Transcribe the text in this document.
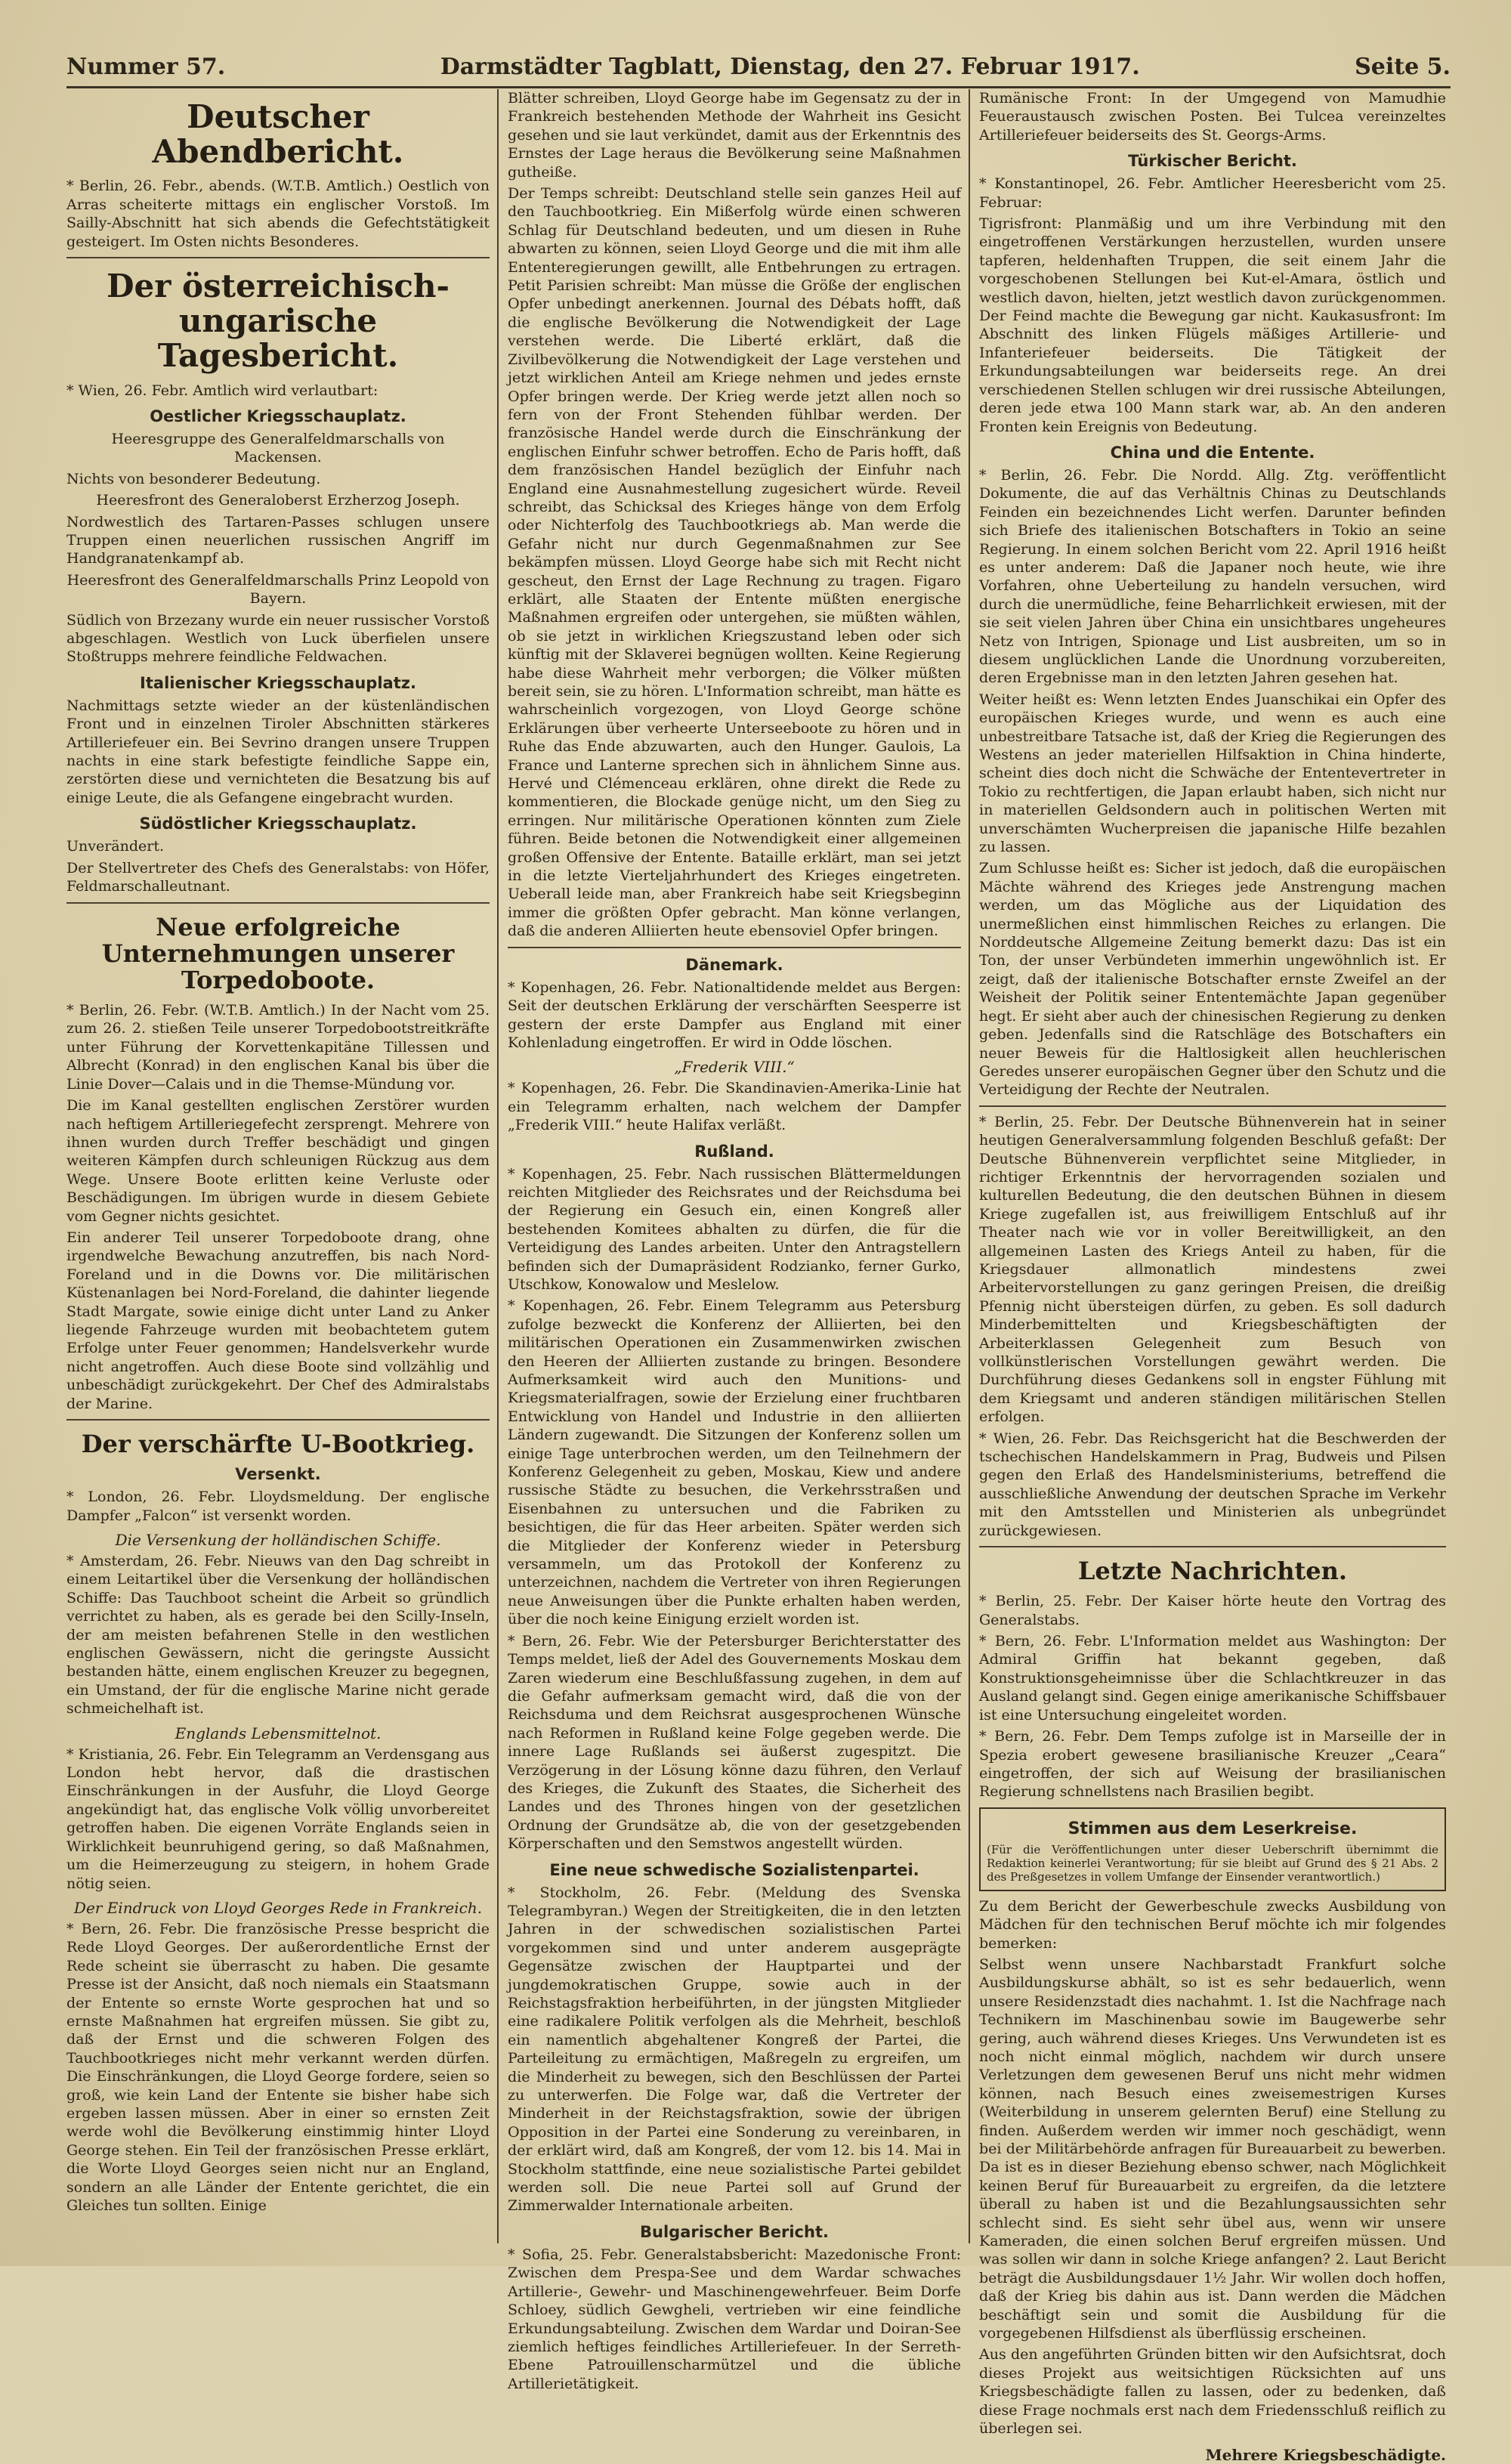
Nummer 57.	Darmstädter Tagblatt, Dienstag, den 27. Februar 1917.	Seite 5.
Deutscher Abendbericht.

* Berlin, 26. Febr., abends. (W.T.B. Amtlich.) Oestlich von Arras scheiterte mittags ein englischer Vorstoß. Im Sailly-Abschnitt hat sich abends die Gefechtstätigkeit gesteigert. Im Osten nichts Besonderes.

Der österreichisch-ungarische Tagesbericht.

* Wien, 26. Febr. Amtlich wird verlautbart:

Oestlicher Kriegsschauplatz.

Heeresgruppe des Generalfeldmarschalls von Mackensen.

Nichts von besonderer Bedeutung.

Heeresfront des Generaloberst Erzherzog Joseph.

Nordwestlich des Tartaren-Passes schlugen unsere Truppen einen neuerlichen russischen Angriff im Handgranatenkampf ab.

Heeresfront des Generalfeldmarschalls Prinz Leopold von Bayern.

Südlich von Brzezany wurde ein neuer russischer Vorstoß abgeschlagen. Westlich von Luck überfielen unsere Stoßtrupps mehrere feindliche Feldwachen.

Italienischer Kriegsschauplatz.

Nachmittags setzte wieder an der küstenländischen Front und in einzelnen Tiroler Abschnitten stärkeres Artilleriefeuer ein. Bei Sevrino drangen unsere Truppen nachts in eine stark befestigte feindliche Sappe ein, zerstörten diese und vernichteten die Besatzung bis auf einige Leute, die als Gefangene eingebracht wurden.

Südöstlicher Kriegsschauplatz.

Unverändert.

Der Stellvertreter des Chefs des Generalstabs: von Höfer, Feldmarschalleutnant.

Neue erfolgreiche Unternehmungen unserer Torpedoboote.

* Berlin, 26. Febr. (W.T.B. Amtlich.) In der Nacht vom 25. zum 26. 2. stießen Teile unserer Torpedobootstreitkräfte unter Führung der Korvettenkapitäne Tillessen und Albrecht (Konrad) in den englischen Kanal bis über die Linie Dover—Calais und in die Themse-Mündung vor.

Die im Kanal gestellten englischen Zerstörer wurden nach heftigem Artilleriegefecht zersprengt. Mehrere von ihnen wurden durch Treffer beschädigt und gingen weiteren Kämpfen durch schleunigen Rückzug aus dem Wege. Unsere Boote erlitten keine Verluste oder Beschädigungen. Im übrigen wurde in diesem Gebiete vom Gegner nichts gesichtet.

Ein anderer Teil unserer Torpedoboote drang, ohne irgendwelche Bewachung anzutreffen, bis nach Nord-Foreland und in die Downs vor. Die militärischen Küstenanlagen bei Nord-Foreland, die dahinter liegende Stadt Margate, sowie einige dicht unter Land zu Anker liegende Fahrzeuge wurden mit beobachtetem gutem Erfolge unter Feuer genommen; Handelsverkehr wurde nicht angetroffen. Auch diese Boote sind vollzählig und unbeschädigt zurückgekehrt. Der Chef des Admiralstabs der Marine.

Der verschärfte U-Bootkrieg.
Versenkt.

* London, 26. Febr. Lloydsmeldung. Der englische Dampfer „Falcon“ ist versenkt worden.

Die Versenkung der holländischen Schiffe.

* Amsterdam, 26. Febr. Nieuws van den Dag schreibt in einem Leitartikel über die Versenkung der holländischen Schiffe: Das Tauchboot scheint die Arbeit so gründlich verrichtet zu haben, als es gerade bei den Scilly-Inseln, der am meisten befahrenen Stelle in den westlichen englischen Gewässern, nicht die geringste Aussicht bestanden hätte, einem englischen Kreuzer zu begegnen, ein Umstand, der für die englische Marine nicht gerade schmeichelhaft ist.

Englands Lebensmittelnot.

* Kristiania, 26. Febr. Ein Telegramm an Verdensgang aus London hebt hervor, daß die drastischen Einschränkungen in der Ausfuhr, die Lloyd George angekündigt hat, das englische Volk völlig unvorbereitet getroffen haben. Die eigenen Vorräte Englands seien in Wirklichkeit beunruhigend gering, so daß Maßnahmen, um die Heimerzeugung zu steigern, in hohem Grade nötig seien.

Der Eindruck von Lloyd Georges Rede in Frankreich.

* Bern, 26. Febr. Die französische Presse bespricht die Rede Lloyd Georges. Der außerordentliche Ernst der Rede scheint sie überrascht zu haben. Die gesamte Presse ist der Ansicht, daß noch niemals ein Staatsmann der Entente so ernste Worte gesprochen hat und so ernste Maßnahmen hat ergreifen müssen. Sie gibt zu, daß der Ernst und die schweren Folgen des Tauchbootkrieges nicht mehr verkannt werden dürfen. Die Einschränkungen, die Lloyd George fordere, seien so groß, wie kein Land der Entente sie bisher habe sich ergeben lassen müssen. Aber in einer so ernsten Zeit werde wohl die Bevölkerung einstimmig hinter Lloyd George stehen. Ein Teil der französischen Presse erklärt, die Worte Lloyd Georges seien nicht nur an England, sondern an alle Länder der Entente gerichtet, die ein Gleiches tun sollten. Einige

Blätter schreiben, Lloyd George habe im Gegensatz zu der in Frankreich bestehenden Methode der Wahrheit ins Gesicht gesehen und sie laut verkündet, damit aus der Erkenntnis des Ernstes der Lage heraus die Bevölkerung seine Maßnahmen gutheiße.

Der Temps schreibt: Deutschland stelle sein ganzes Heil auf den Tauchbootkrieg. Ein Mißerfolg würde einen schweren Schlag für Deutschland bedeuten, und um diesen in Ruhe abwarten zu können, seien Lloyd George und die mit ihm alle Ententeregierungen gewillt, alle Entbehrungen zu ertragen. Petit Parisien schreibt: Man müsse die Größe der englischen Opfer unbedingt anerkennen. Journal des Débats hofft, daß die englische Bevölkerung die Notwendigkeit der Lage verstehen werde. Die Liberté erklärt, daß die Zivilbevölkerung die Notwendigkeit der Lage verstehen und jetzt wirklichen Anteil am Kriege nehmen und jedes ernste Opfer bringen werde. Der Krieg werde jetzt allen noch so fern von der Front Stehenden fühlbar werden. Der französische Handel werde durch die Einschränkung der englischen Einfuhr schwer betroffen. Echo de Paris hofft, daß dem französischen Handel bezüglich der Einfuhr nach England eine Ausnahmestellung zugesichert würde. Reveil schreibt, das Schicksal des Krieges hänge von dem Erfolg oder Nichterfolg des Tauchbootkriegs ab. Man werde die Gefahr nicht nur durch Gegenmaßnahmen zur See bekämpfen müssen. Lloyd George habe sich mit Recht nicht gescheut, den Ernst der Lage Rechnung zu tragen. Figaro erklärt, alle Staaten der Entente müßten energische Maßnahmen ergreifen oder untergehen, sie müßten wählen, ob sie jetzt in wirklichen Kriegszustand leben oder sich künftig mit der Sklaverei begnügen wollten. Keine Regierung habe diese Wahrheit mehr verborgen; die Völker müßten bereit sein, sie zu hören. L'Information schreibt, man hätte es wahrscheinlich vorgezogen, von Lloyd George schöne Erklärungen über verheerte Unterseeboote zu hören und in Ruhe das Ende abzuwarten, auch den Hunger. Gaulois, La France und Lanterne sprechen sich in ähnlichem Sinne aus. Hervé und Clémenceau erklären, ohne direkt die Rede zu kommentieren, die Blockade genüge nicht, um den Sieg zu erringen. Nur militärische Operationen könnten zum Ziele führen. Beide betonen die Notwendigkeit einer allgemeinen großen Offensive der Entente. Bataille erklärt, man sei jetzt in die letzte Vierteljahrhundert des Krieges eingetreten. Ueberall leide man, aber Frankreich habe seit Kriegsbeginn immer die größten Opfer gebracht. Man könne verlangen, daß die anderen Alliierten heute ebensoviel Opfer bringen.

Dänemark.

* Kopenhagen, 26. Febr. Nationaltidende meldet aus Bergen: Seit der deutschen Erklärung der verschärften Seesperre ist gestern der erste Dampfer aus England mit einer Kohlenladung eingetroffen. Er wird in Odde löschen.

„Frederik VIII.“

* Kopenhagen, 26. Febr. Die Skandinavien-Amerika-Linie hat ein Telegramm erhalten, nach welchem der Dampfer „Frederik VIII.“ heute Halifax verläßt.

Rußland.

* Kopenhagen, 25. Febr. Nach russischen Blättermeldungen reichten Mitglieder des Reichsrates und der Reichsduma bei der Regierung ein Gesuch ein, einen Kongreß aller bestehenden Komitees abhalten zu dürfen, die für die Verteidigung des Landes arbeiten. Unter den Antragstellern befinden sich der Dumapräsident Rodzianko, ferner Gurko, Utschkow, Konowalow und Meslelow.

* Kopenhagen, 26. Febr. Einem Telegramm aus Petersburg zufolge bezweckt die Konferenz der Alliierten, bei den militärischen Operationen ein Zusammenwirken zwischen den Heeren der Alliierten zustande zu bringen. Besondere Aufmerksamkeit wird auch den Munitions- und Kriegsmaterialfragen, sowie der Erzielung einer fruchtbaren Entwicklung von Handel und Industrie in den alliierten Ländern zugewandt. Die Sitzungen der Konferenz sollen um einige Tage unterbrochen werden, um den Teilnehmern der Konferenz Gelegenheit zu geben, Moskau, Kiew und andere russische Städte zu besuchen, die Verkehrsstraßen und Eisenbahnen zu untersuchen und die Fabriken zu besichtigen, die für das Heer arbeiten. Später werden sich die Mitglieder der Konferenz wieder in Petersburg versammeln, um das Protokoll der Konferenz zu unterzeichnen, nachdem die Vertreter von ihren Regierungen neue Anweisungen über die Punkte erhalten haben werden, über die noch keine Einigung erzielt worden ist.

* Bern, 26. Febr. Wie der Petersburger Berichterstatter des Temps meldet, ließ der Adel des Gouvernements Moskau dem Zaren wiederum eine Beschlußfassung zugehen, in dem auf die Gefahr aufmerksam gemacht wird, daß die von der Reichsduma und dem Reichsrat ausgesprochenen Wünsche nach Reformen in Rußland keine Folge gegeben werde. Die innere Lage Rußlands sei äußerst zugespitzt. Die Verzögerung in der Lösung könne dazu führen, den Verlauf des Krieges, die Zukunft des Staates, die Sicherheit des Landes und des Thrones hingen von der gesetzlichen Ordnung der Grundsätze ab, die von der gesetzgebenden Körperschaften und den Semstwos angestellt würden.

Eine neue schwedische Sozialistenpartei.

* Stockholm, 26. Febr. (Meldung des Svenska Telegrambyran.) Wegen der Streitigkeiten, die in den letzten Jahren in der schwedischen sozialistischen Partei vorgekommen sind und unter anderem ausgeprägte Gegensätze zwischen der Hauptpartei und der jungdemokratischen Gruppe, sowie auch in der Reichstagsfraktion herbeiführten, in der jüngsten Mitglieder eine radikalere Politik verfolgen als die Mehrheit, beschloß ein namentlich abgehaltener Kongreß der Partei, die Parteileitung zu ermächtigen, Maßregeln zu ergreifen, um die Minderheit zu bewegen, sich den Beschlüssen der Partei zu unterwerfen. Die Folge war, daß die Vertreter der Minderheit in der Reichstagsfraktion, sowie der übrigen Opposition in der Partei eine Sonderung zu vereinbaren, in der erklärt wird, daß am Kongreß, der vom 12. bis 14. Mai in Stockholm stattfinde, eine neue sozialistische Partei gebildet werden soll. Die neue Partei soll auf Grund der Zimmerwalder Internationale arbeiten.

Bulgarischer Bericht.

* Sofia, 25. Febr. Generalstabsbericht: Mazedonische Front: Zwischen dem Prespa-See und dem Wardar schwaches Artillerie-, Gewehr- und Maschinengewehrfeuer. Beim Dorfe Schloey, südlich Gewgheli, vertrieben wir eine feindliche Erkundungsabteilung. Zwischen dem Wardar und Doiran-See ziemlich heftiges feindliches Artilleriefeuer. In der Serreth-Ebene Patrouillenscharmützel und die übliche Artillerietätigkeit.

Rumänische Front: In der Umgegend von Mamudhie Feueraustausch zwischen Posten. Bei Tulcea vereinzeltes Artilleriefeuer beiderseits des St. Georgs-Arms.

Türkischer Bericht.

* Konstantinopel, 26. Febr. Amtlicher Heeresbericht vom 25. Februar:

Tigrisfront: Planmäßig und um ihre Verbindung mit den eingetroffenen Verstärkungen herzustellen, wurden unsere tapferen, heldenhaften Truppen, die seit einem Jahr die vorgeschobenen Stellungen bei Kut-el-Amara, östlich und westlich davon, hielten, jetzt westlich davon zurückgenommen. Der Feind machte die Bewegung gar nicht. Kaukasusfront: Im Abschnitt des linken Flügels mäßiges Artillerie- und Infanteriefeuer beiderseits. Die Tätigkeit der Erkundungsabteilungen war beiderseits rege. An drei verschiedenen Stellen schlugen wir drei russische Abteilungen, deren jede etwa 100 Mann stark war, ab. An den anderen Fronten kein Ereignis von Bedeutung.

China und die Entente.

* Berlin, 26. Febr. Die Nordd. Allg. Ztg. veröffentlicht Dokumente, die auf das Verhältnis Chinas zu Deutschlands Feinden ein bezeichnendes Licht werfen. Darunter befinden sich Briefe des italienischen Botschafters in Tokio an seine Regierung. In einem solchen Bericht vom 22. April 1916 heißt es unter anderem: Daß die Japaner noch heute, wie ihre Vorfahren, ohne Ueberteilung zu handeln versuchen, wird durch die unermüdliche, feine Beharrlichkeit erwiesen, mit der sie seit vielen Jahren über China ein unsichtbares ungeheures Netz von Intrigen, Spionage und List ausbreiten, um so in diesem unglücklichen Lande die Unordnung vorzubereiten, deren Ergebnisse man in den letzten Jahren gesehen hat.

Weiter heißt es: Wenn letzten Endes Juanschikai ein Opfer des europäischen Krieges wurde, und wenn es auch eine unbestreitbare Tatsache ist, daß der Krieg die Regierungen des Westens an jeder materiellen Hilfsaktion in China hinderte, scheint dies doch nicht die Schwäche der Ententevertreter in Tokio zu rechtfertigen, die Japan erlaubt haben, sich nicht nur in materiellen Geldsondern auch in politischen Werten mit unverschämten Wucherpreisen die japanische Hilfe bezahlen zu lassen.

Zum Schlusse heißt es: Sicher ist jedoch, daß die europäischen Mächte während des Krieges jede Anstrengung machen werden, um das Mögliche aus der Liquidation des unermeßlichen einst himmlischen Reiches zu erlangen. Die Norddeutsche Allgemeine Zeitung bemerkt dazu: Das ist ein Ton, der unser Verbündeten immerhin ungewöhnlich ist. Er zeigt, daß der italienische Botschafter ernste Zweifel an der Weisheit der Politik seiner Ententemächte Japan gegenüber hegt. Er sieht aber auch der chinesischen Regierung zu denken geben. Jedenfalls sind die Ratschläge des Botschafters ein neuer Beweis für die Haltlosigkeit allen heuchlerischen Geredes unserer europäischen Gegner über den Schutz und die Verteidigung der Rechte der Neutralen.

* Berlin, 25. Febr. Der Deutsche Bühnenverein hat in seiner heutigen Generalversammlung folgenden Beschluß gefaßt: Der Deutsche Bühnenverein verpflichtet seine Mitglieder, in richtiger Erkenntnis der hervorragenden sozialen und kulturellen Bedeutung, die den deutschen Bühnen in diesem Kriege zugefallen ist, aus freiwilligem Entschluß auf ihr Theater nach wie vor in voller Bereitwilligkeit, an den allgemeinen Lasten des Kriegs Anteil zu haben, für die Kriegsdauer allmonatlich mindestens zwei Arbeitervorstellungen zu ganz geringen Preisen, die dreißig Pfennig nicht übersteigen dürfen, zu geben. Es soll dadurch Minderbemittelten und Kriegsbeschäftigten der Arbeiterklassen Gelegenheit zum Besuch von vollkünstlerischen Vorstellungen gewährt werden. Die Durchführung dieses Gedankens soll in engster Fühlung mit dem Kriegsamt und anderen ständigen militärischen Stellen erfolgen.

* Wien, 26. Febr. Das Reichsgericht hat die Beschwerden der tschechischen Handelskammern in Prag, Budweis und Pilsen gegen den Erlaß des Handelsministeriums, betreffend die ausschließliche Anwendung der deutschen Sprache im Verkehr mit den Amtsstellen und Ministerien als unbegründet zurückgewiesen.

Letzte Nachrichten.

* Berlin, 25. Febr. Der Kaiser hörte heute den Vortrag des Generalstabs.

* Bern, 26. Febr. L'Information meldet aus Washington: Der Admiral Griffin hat bekannt gegeben, daß Konstruktionsgeheimnisse über die Schlachtkreuzer in das Ausland gelangt sind. Gegen einige amerikanische Schiffsbauer ist eine Untersuchung eingeleitet worden.

* Bern, 26. Febr. Dem Temps zufolge ist in Marseille der in Spezia erobert gewesene brasilianische Kreuzer „Ceara“ eingetroffen, der sich auf Weisung der brasilianischen Regierung schnellstens nach Brasilien begibt.

Stimmen aus dem Leserkreise.

(Für die Veröffentlichungen unter dieser Ueberschrift übernimmt die Redaktion keinerlei Verantwortung; für sie bleibt auf Grund des § 21 Abs. 2 des Preßgesetzes in vollem Umfange der Einsender verantwortlich.)

Zu dem Bericht der Gewerbeschule zwecks Ausbildung von Mädchen für den technischen Beruf möchte ich mir folgendes bemerken:

Selbst wenn unsere Nachbarstadt Frankfurt solche Ausbildungskurse abhält, so ist es sehr bedauerlich, wenn unsere Residenzstadt dies nachahmt. 1. Ist die Nachfrage nach Technikern im Maschinenbau sowie im Baugewerbe sehr gering, auch während dieses Krieges. Uns Verwundeten ist es noch nicht einmal möglich, nachdem wir durch unsere Verletzungen dem gewesenen Beruf uns nicht mehr widmen können, nach Besuch eines zweisemestrigen Kurses (Weiterbildung in unserem gelernten Beruf) eine Stellung zu finden. Außerdem werden wir immer noch geschädigt, wenn bei der Militärbehörde anfragen für Bureauarbeit zu bewerben. Da ist es in dieser Beziehung ebenso schwer, nach Möglichkeit keinen Beruf für Bureauarbeit zu ergreifen, da die letztere überall zu haben ist und die Bezahlungsaussichten sehr schlecht sind. Es sieht sehr übel aus, wenn wir unsere Kameraden, die einen solchen Beruf ergreifen müssen. Und was sollen wir dann in solche Kriege anfangen? 2. Laut Bericht beträgt die Ausbildungsdauer 1½ Jahr. Wir wollen doch hoffen, daß der Krieg bis dahin aus ist. Dann werden die Mädchen beschäftigt sein und somit die Ausbildung für die vorgegebenen Hilfsdienst als überflüssig erscheinen.

Aus den angeführten Gründen bitten wir den Aufsichtsrat, doch dieses Projekt aus weitsichtigen Rücksichten auf uns Kriegsbeschädigte fallen zu lassen, oder zu bedenken, daß diese Frage nochmals erst nach dem Friedensschluß reiflich zu überlegen sei.

Mehrere Kriegsbeschädigte.
